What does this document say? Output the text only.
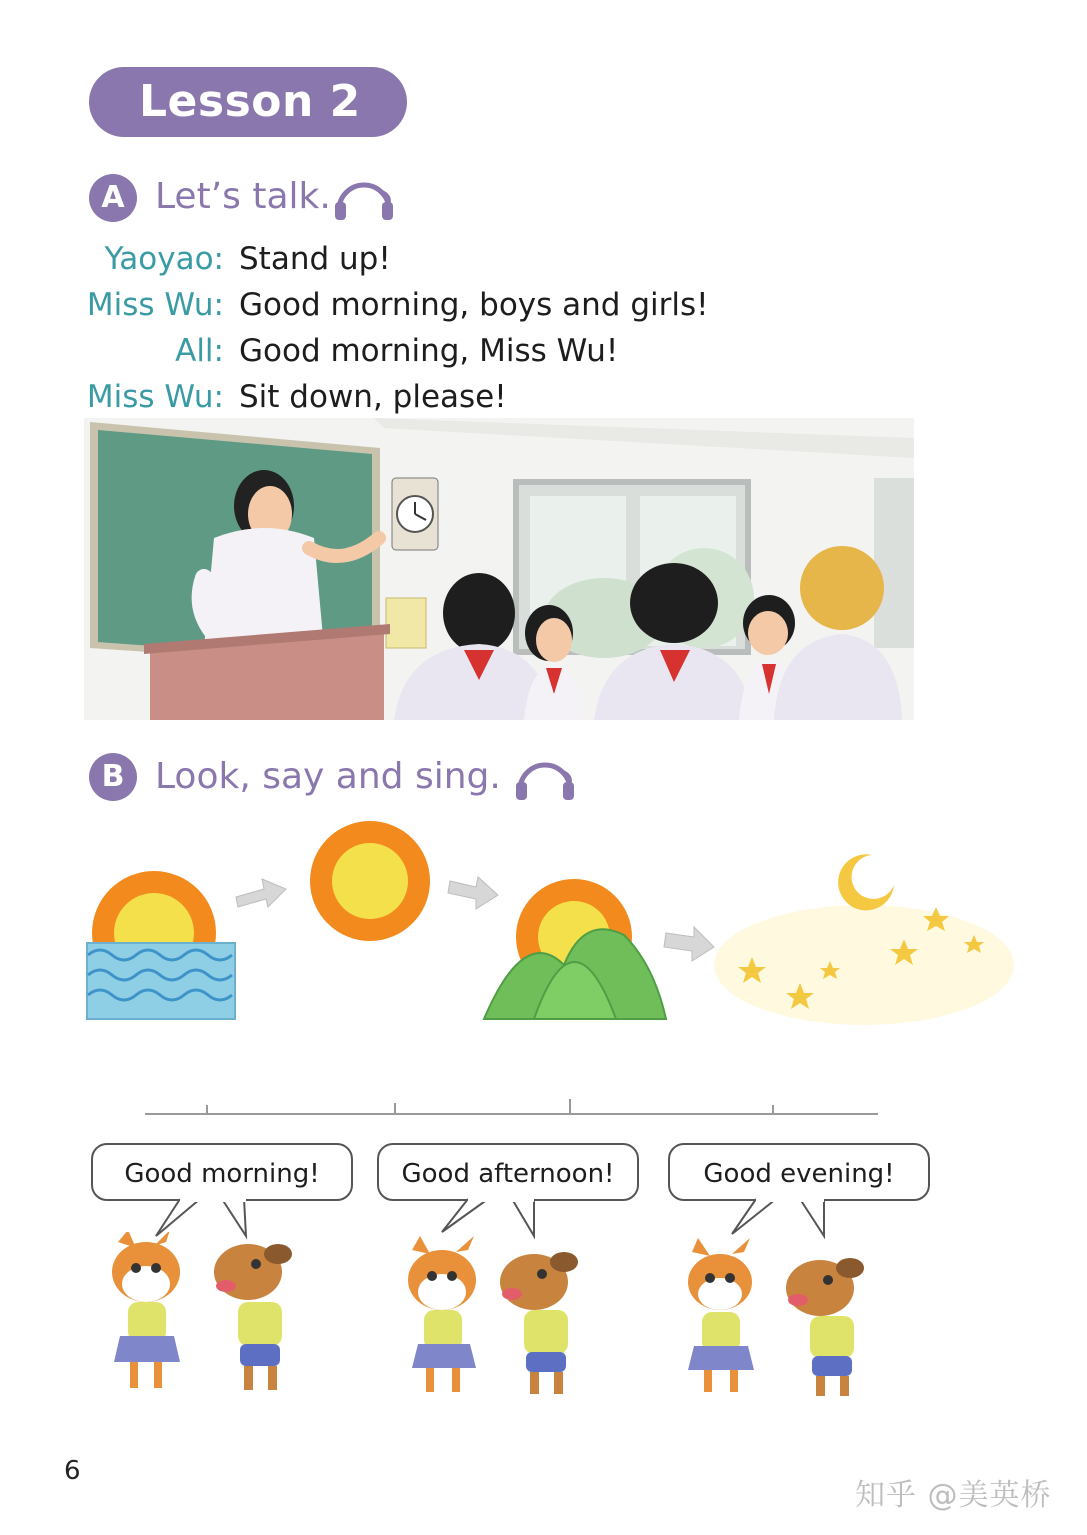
Lesson 2
A Let’s talk.
Yaoyao: Stand up!
Miss Wu: Good morning, boys and girls!
All: Good morning, Miss Wu!
Miss Wu: Sit down, please!
B Look, say and sing.
Good morning!	Good afternoon!	Good evening!
6
知乎 @美英桥
